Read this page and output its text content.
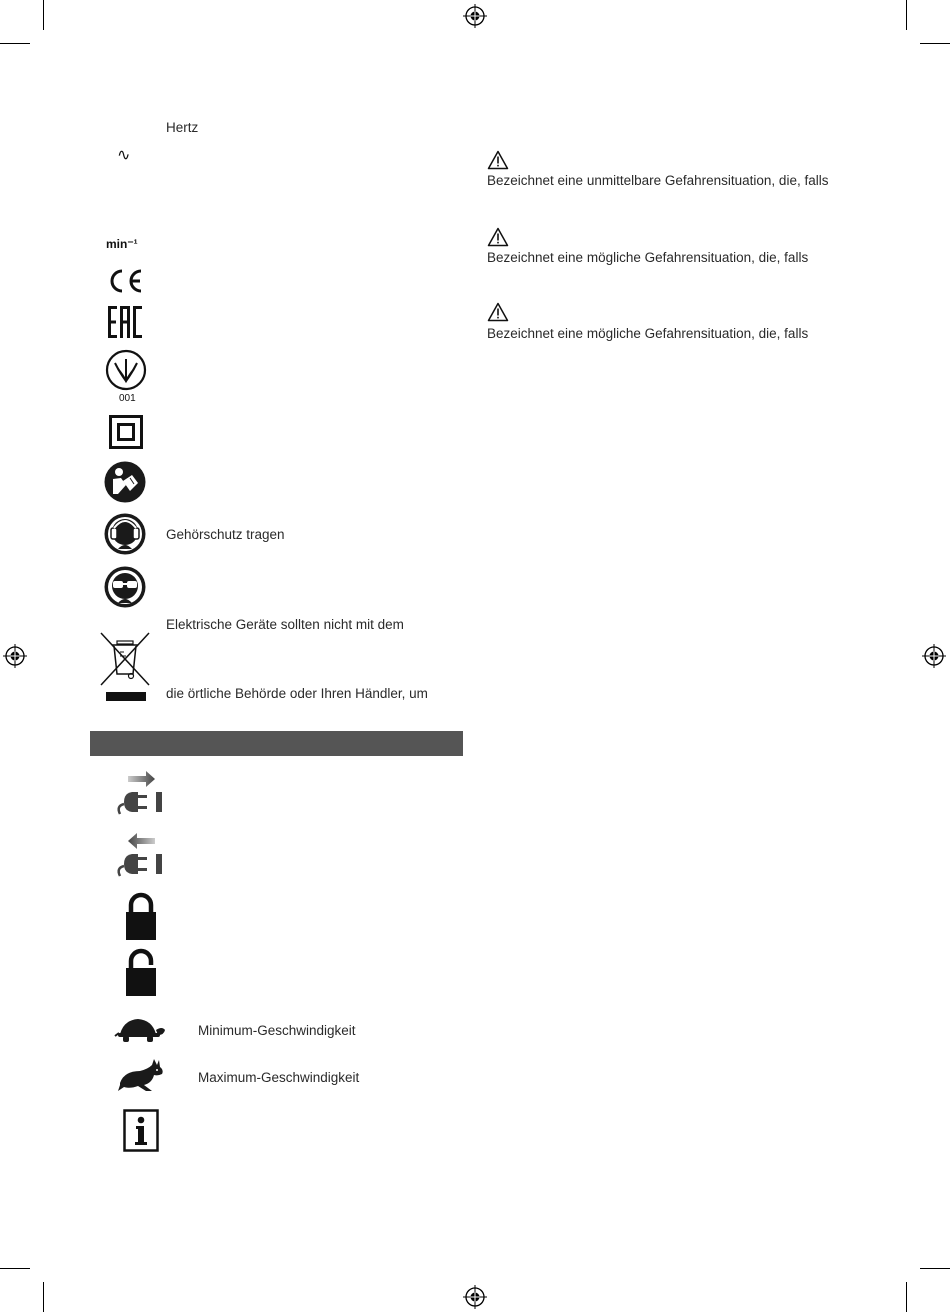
Hertz
∿
min⁻¹
001
Gehörschutz tragen
Elektrische Geräte sollten nicht mit dem
die örtliche Behörde oder Ihren Händler, um
Minimum-Geschwindigkeit
Maximum-Geschwindigkeit
Bezeichnet eine unmittelbare Gefahrensituation, die, falls
Bezeichnet eine mögliche Gefahrensituation, die, falls
Bezeichnet eine mögliche Gefahrensituation, die, falls
